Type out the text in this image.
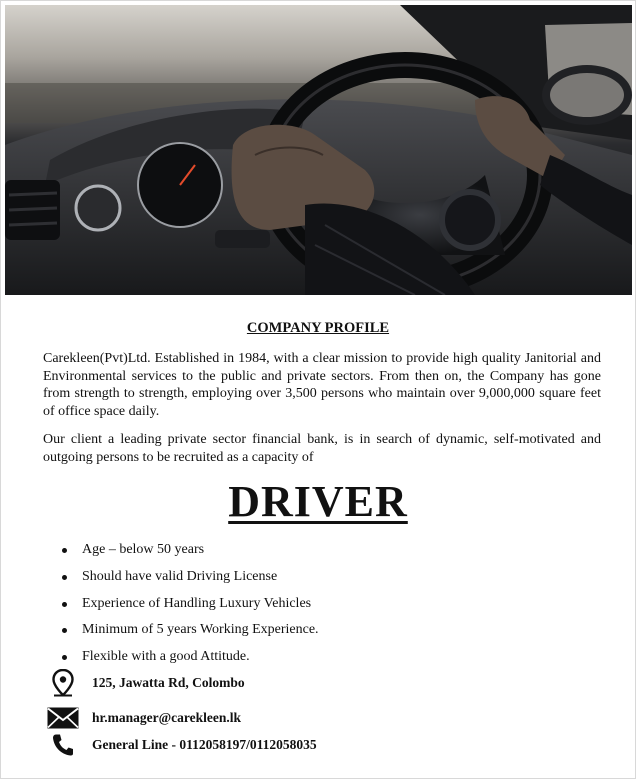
COMPANY PROFILE

Carekleen(Pvt)Ltd. Established in 1984, with a clear mission to provide high quality Janitorial and Environmental services to the public and private sectors. From then on, the Company has gone from strength to strength, employing over 3,500 persons who maintain over 9,000,000 square feet of office space daily.

Our client a leading private sector financial bank, is in search of dynamic, self-motivated and outgoing persons to be recruited as a capacity of

DRIVER
Age – below 50 years
Should have valid Driving License
Experience of Handling Luxury Vehicles
Minimum of 5 years Working Experience.
Flexible with a good Attitude.
125, Jawatta Rd, Colombo
hr.manager@carekleen.lk
General Line - 0112058197/0112058035
